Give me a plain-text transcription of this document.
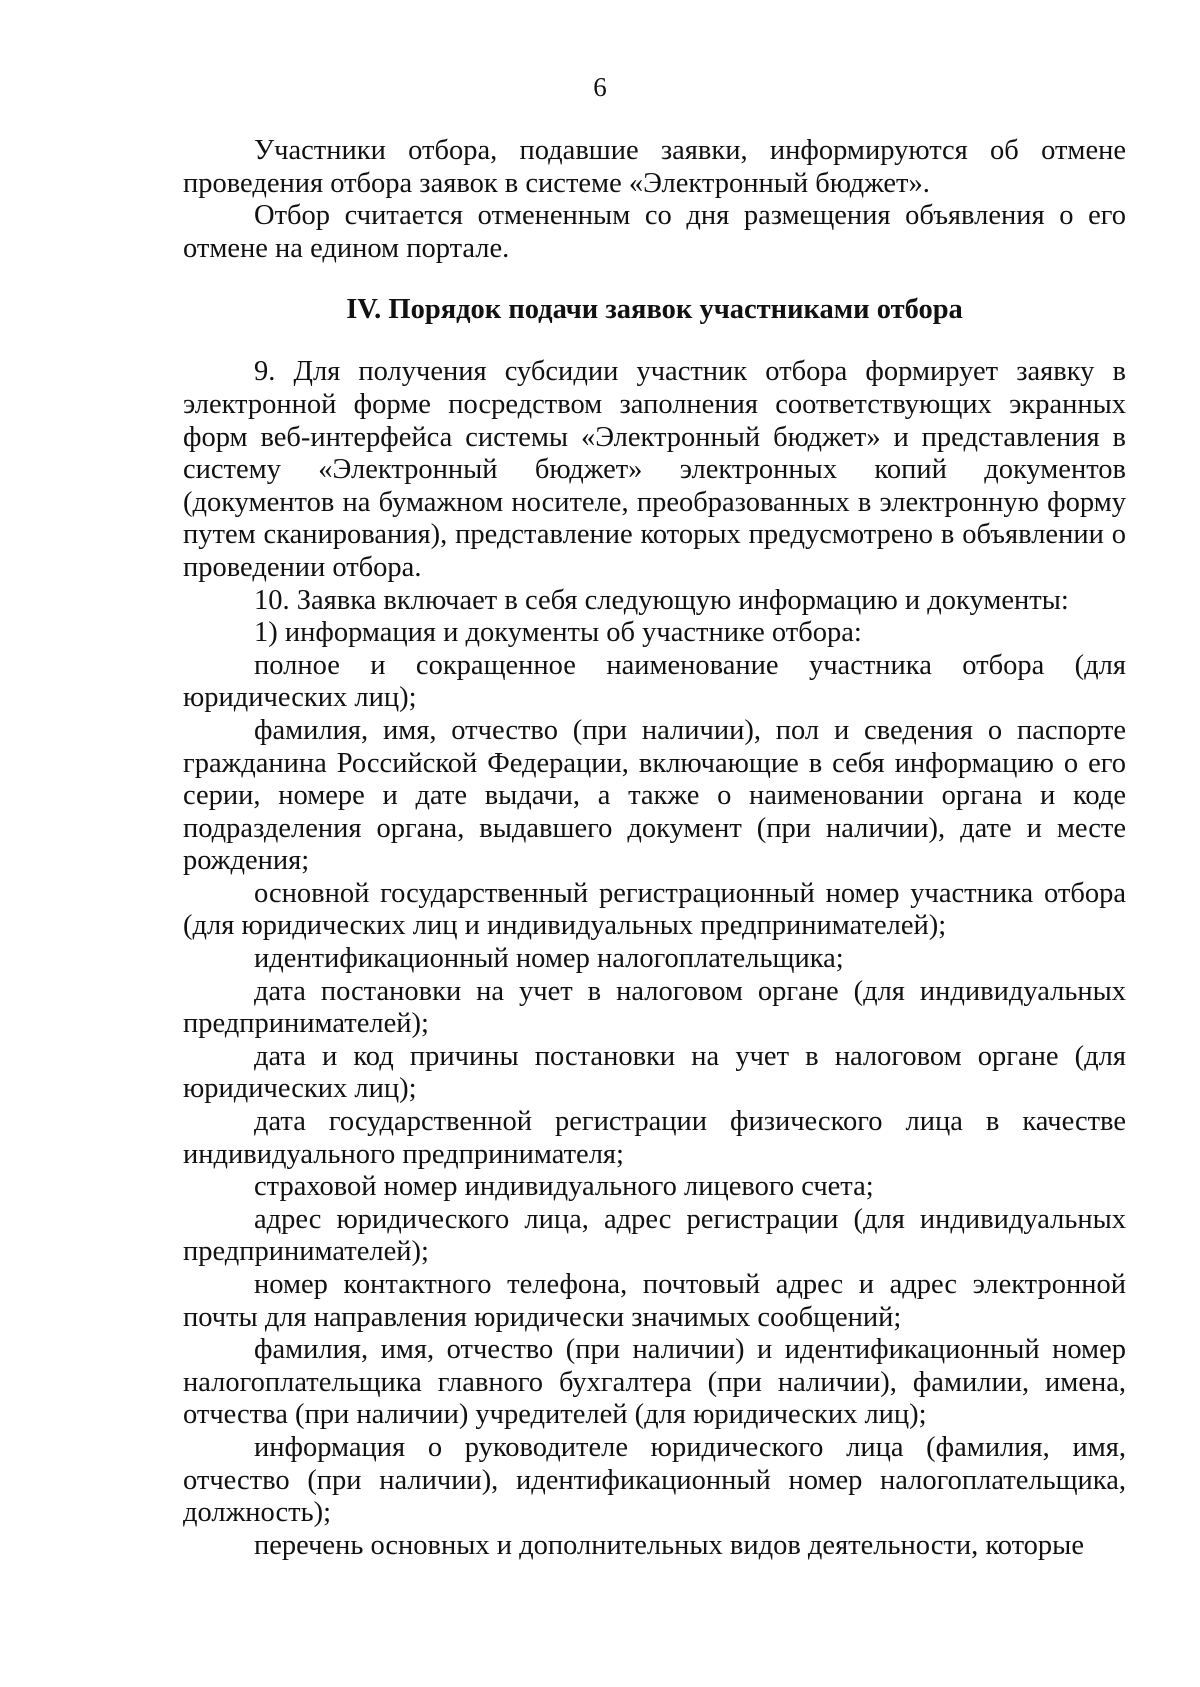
6

Участники отбора, подавшие заявки, информируются об отмене проведения отбора заявок в системе «Электронный бюджет».

Отбор считается отмененным со дня размещения объявления о его отмене на едином портале.

IV. Порядок подачи заявок участниками отбора

9. Для получения субсидии участник отбора формирует заявку в электронной форме посредством заполнения соответствующих экранных форм веб-интерфейса системы «Электронный бюджет» и представления в систему «Электронный бюджет» электронных копий документов (документов на бумажном носителе, преобразованных в электронную форму путем сканирования), представление которых предусмотрено в объявлении о проведении отбора.

10. Заявка включает в себя следующую информацию и документы:

1) информация и документы об участнике отбора:

полное и сокращенное наименование участника отбора (для юридических лиц);

фамилия, имя, отчество (при наличии), пол и сведения о паспорте гражданина Российской Федерации, включающие в себя информацию о его серии, номере и дате выдачи, а также о наименовании органа и коде подразделения органа, выдавшего документ (при наличии), дате и месте рождения;

основной государственный регистрационный номер участника отбора (для юридических лиц и индивидуальных предпринимателей);

идентификационный номер налогоплательщика;

дата постановки на учет в налоговом органе (для индивидуальных предпринимателей);

дата и код причины постановки на учет в налоговом органе (для юридических лиц);

дата государственной регистрации физического лица в качестве индивидуального предпринимателя;

страховой номер индивидуального лицевого счета;

адрес юридического лица, адрес регистрации (для индивидуальных предпринимателей);

номер контактного телефона, почтовый адрес и адрес электронной почты для направления юридически значимых сообщений;

фамилия, имя, отчество (при наличии) и идентификационный номер налогоплательщика главного бухгалтера (при наличии), фамилии, имена, отчества (при наличии) учредителей (для юридических лиц);

информация о руководителе юридического лица (фамилия, имя, отчество (при наличии), идентификационный номер налогоплательщика, должность);

перечень основных и дополнительных видов деятельности, которые
